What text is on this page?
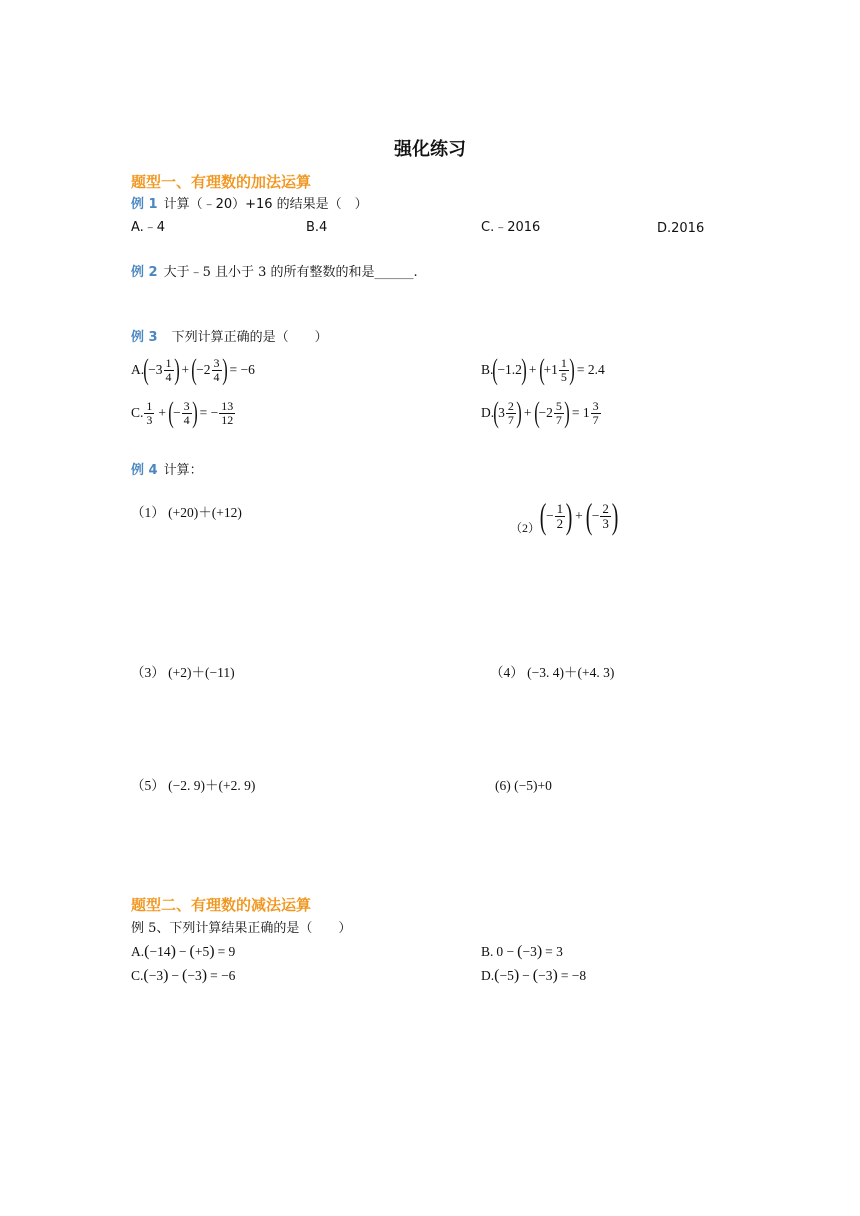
强化练习
题型一、有理数的加法运算
例 1 计算（﹣20）+16 的结果是（　）
A.﹣4	B.4	C.﹣2016	D.2016
例 2 大于﹣5 且小于 3 的所有整数的和是______.
例 3 下列计算正确的是（　　）
A. ( $-3 \frac{1}{4}$ ) + ( $-2 \frac{3}{4}$ ) = −6	B. ( −1.2 ) + ( $+1 \frac{1}{5}$ ) = 2.4
C. $\frac{1}{3}$ + ( − $\frac{3}{4}$ ) = − $\frac{13}{12}$	D. ( $3 \frac{2}{7}$ ) + ( $-2 \frac{5}{7}$ ) = $1 \frac{3}{7}$
例 4 计算：
（1） (+20)＋(+12)
（2） ( − $\frac{1}{2}$ ) + ( − $\frac{2}{3}$ )
（3） (+2)＋(−11)	（4） (−3. 4)＋(+4. 3)
（5） (−2. 9)＋(+2. 9)	(6) (−5)+0
题型二、有理数的减法运算
例 5、下列计算结果正确的是（　　）
A. ( −14 ) − ( +5 ) = 9	B. 0 − ( −3 ) = 3
C. ( −3 ) − ( −3 ) = −6	D. ( −5 ) − ( −3 ) = −8
